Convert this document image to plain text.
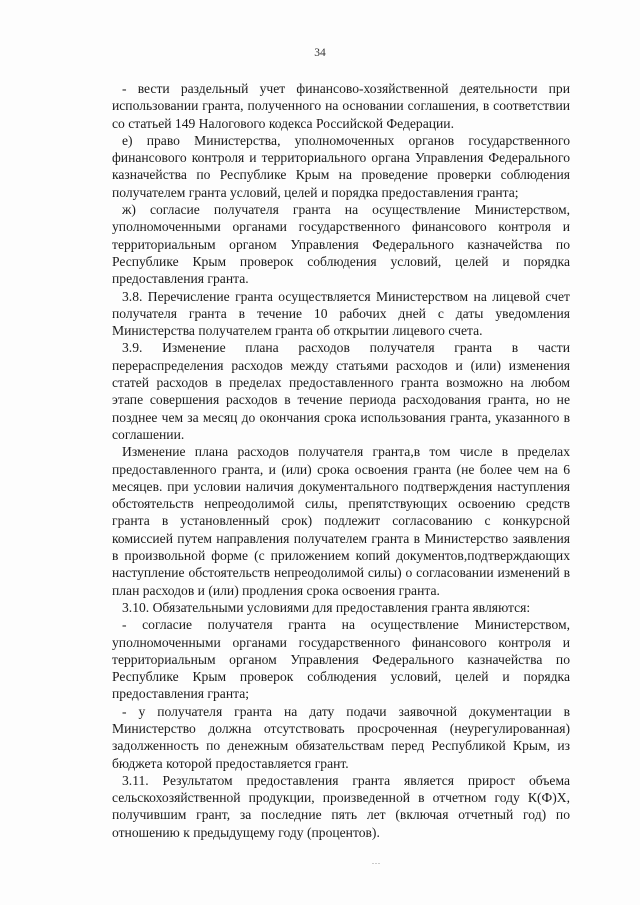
34

- вести раздельный учет финансово-хозяйственной деятельности при использовании гранта, полученного на основании соглашения, в соответствии со статьей 149 Налогового кодекса Российской Федерации.

е) право Министерства, уполномоченных органов государственного финансового контроля и территориального органа Управления Федерального казначейства по Республике Крым на проведение проверки соблюдения получателем гранта условий, целей и порядка предоставления гранта;

ж) согласие получателя гранта на осуществление Министерством, уполномоченными органами государственного финансового контроля и территориальным органом Управления Федерального казначейства по Республике Крым проверок соблюдения условий, целей и порядка предоставления гранта.

3.8. Перечисление гранта осуществляется Министерством на лицевой счет получателя гранта в течение 10 рабочих дней с даты уведомления Министерства получателем гранта об открытии лицевого счета.

3.9. Изменение плана расходов получателя гранта в части перераспределения расходов между статьями расходов и (или) изменения статей расходов в пределах предоставленного гранта возможно на любом этапе совершения расходов в течение периода расходования гранта, но не позднее чем за месяц до окончания срока использования гранта, указанного в соглашении.

Изменение плана расходов получателя гранта,в том числе в пределах предоставленного гранта, и (или) срока освоения гранта (не более чем на 6 месяцев. при условии наличия документального подтверждения наступления обстоятельств непреодолимой силы, препятствующих освоению средств гранта в установленный срок) подлежит согласованию с конкурсной комиссией путем направления получателем гранта в Министерство заявления в произвольной форме (с приложением копий документов,подтверждающих наступление обстоятельств непреодолимой силы) о согласовании изменений в план расходов и (или) продления срока освоения гранта.

3.10. Обязательными условиями для предоставления гранта являются:

- согласие получателя гранта на осуществление Министерством, уполномоченными органами государственного финансового контроля и территориальным органом Управления Федерального казначейства по Республике Крым проверок соблюдения условий, целей и порядка предоставления гранта;

- у получателя гранта на дату подачи заявочной документации в Министерство должна отсутствовать просроченная (неурегулированная) задолженность по денежным обязательствам перед Республикой Крым, из бюджета которой предоставляется грант.

3.11. Результатом предоставления гранта является прирост объема сельскохозяйственной продукции, произведенной в отчетном году К(Ф)Х, получившим грант, за последние пять лет (включая отчетный год) по отношению к предыдущему году (процентов).

...
